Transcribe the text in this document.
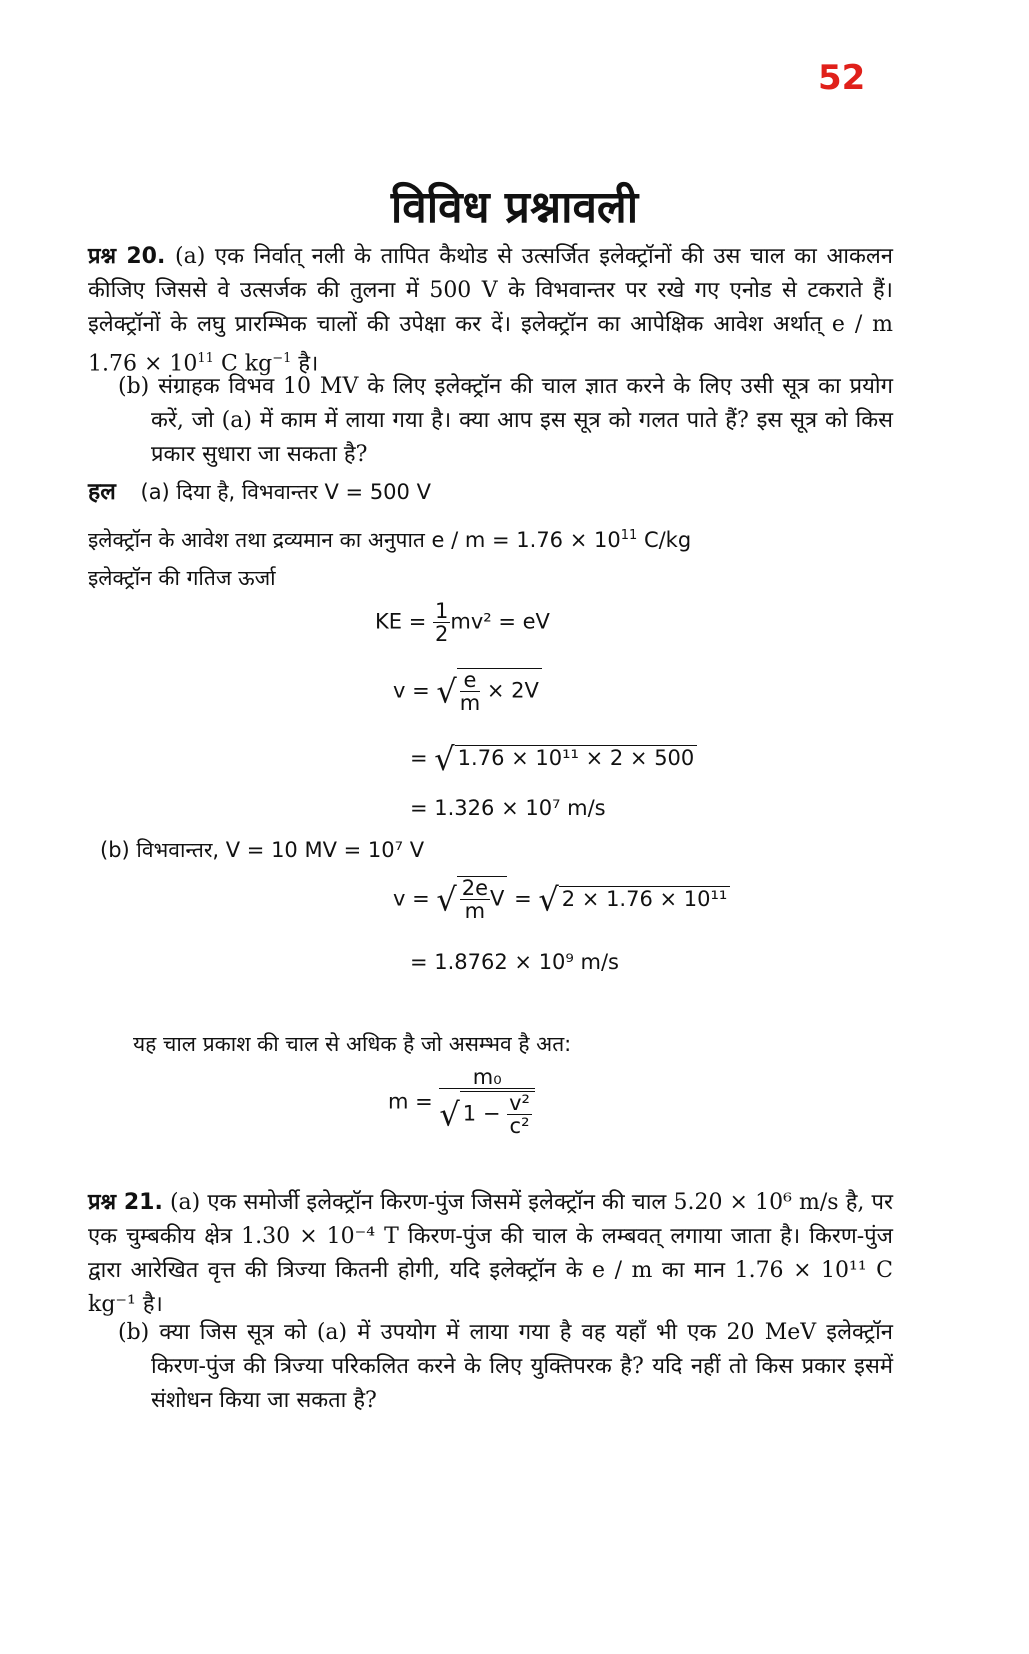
52
विविध प्रश्नावली
प्रश्न 20. (a) एक निर्वात् नली के तापित कैथोड से उत्सर्जित इलेक्ट्रॉनों की उस चाल का आकलन कीजिए जिससे वे उत्सर्जक की तुलना में 500 V के विभवान्तर पर रखे गए एनोड से टकराते हैं। इलेक्ट्रॉनों के लघु प्रारम्भिक चालों की उपेक्षा कर दें। इलेक्ट्रॉन का आपेक्षिक आवेश अर्थात् e / m $1.76 \times 10^{11}$ C $kg^{-1}$ है।
(b) संग्राहक विभव 10 MV के लिए इलेक्ट्रॉन की चाल ज्ञात करने के लिए उसी सूत्र का प्रयोग करें, जो (a) में काम में लाया गया है। क्या आप इस सूत्र को गलत पाते हैं? इस सूत्र को किस प्रकार सुधारा जा सकता है?
हल (a) दिया है, विभवान्तर V = 500 V
इलेक्ट्रॉन के आवेश तथा द्रव्यमान का अनुपात $e / m = 1.76 \times 10^{11}$ C/kg
इलेक्ट्रॉन की गतिज ऊर्जा
KE = $\frac{1}{2} mv^2$ = eV
v = √ $\frac{e}{m} \times 2V$
= √ 1.76 × 10¹¹ × 2 × 500
= 1.326 × 10⁷ m/s
(b) विभवान्तर, V = 10 MV = 10⁷ V
v = √ $\frac{2e}{m}$ V = √ 2 × 1.76 × 10¹¹
= 1.8762 × 10⁹ m/s
यह चाल प्रकाश की चाल से अधिक है जो असम्भव है अत:
$m = \frac{\text{m₀}}{√ 1 - \frac{\text{v²}}{\text{c²}}}$
प्रश्न 21. (a) एक समोर्जी इलेक्ट्रॉन किरण-पुंज जिसमें इलेक्ट्रॉन की चाल 5.20 × 10⁶ m/s है, पर एक चुम्बकीय क्षेत्र 1.30 × 10⁻⁴ T किरण-पुंज की चाल के लम्बवत् लगाया जाता है। किरण-पुंज द्वारा आरेखित वृत्त की त्रिज्या कितनी होगी, यदि इलेक्ट्रॉन के e / m का मान 1.76 × 10¹¹ C kg⁻¹ है।
(b) क्या जिस सूत्र को (a) में उपयोग में लाया गया है वह यहाँ भी एक 20 MeV इलेक्ट्रॉन किरण-पुंज की त्रिज्या परिकलित करने के लिए युक्तिपरक है? यदि नहीं तो किस प्रकार इसमें संशोधन किया जा सकता है?
